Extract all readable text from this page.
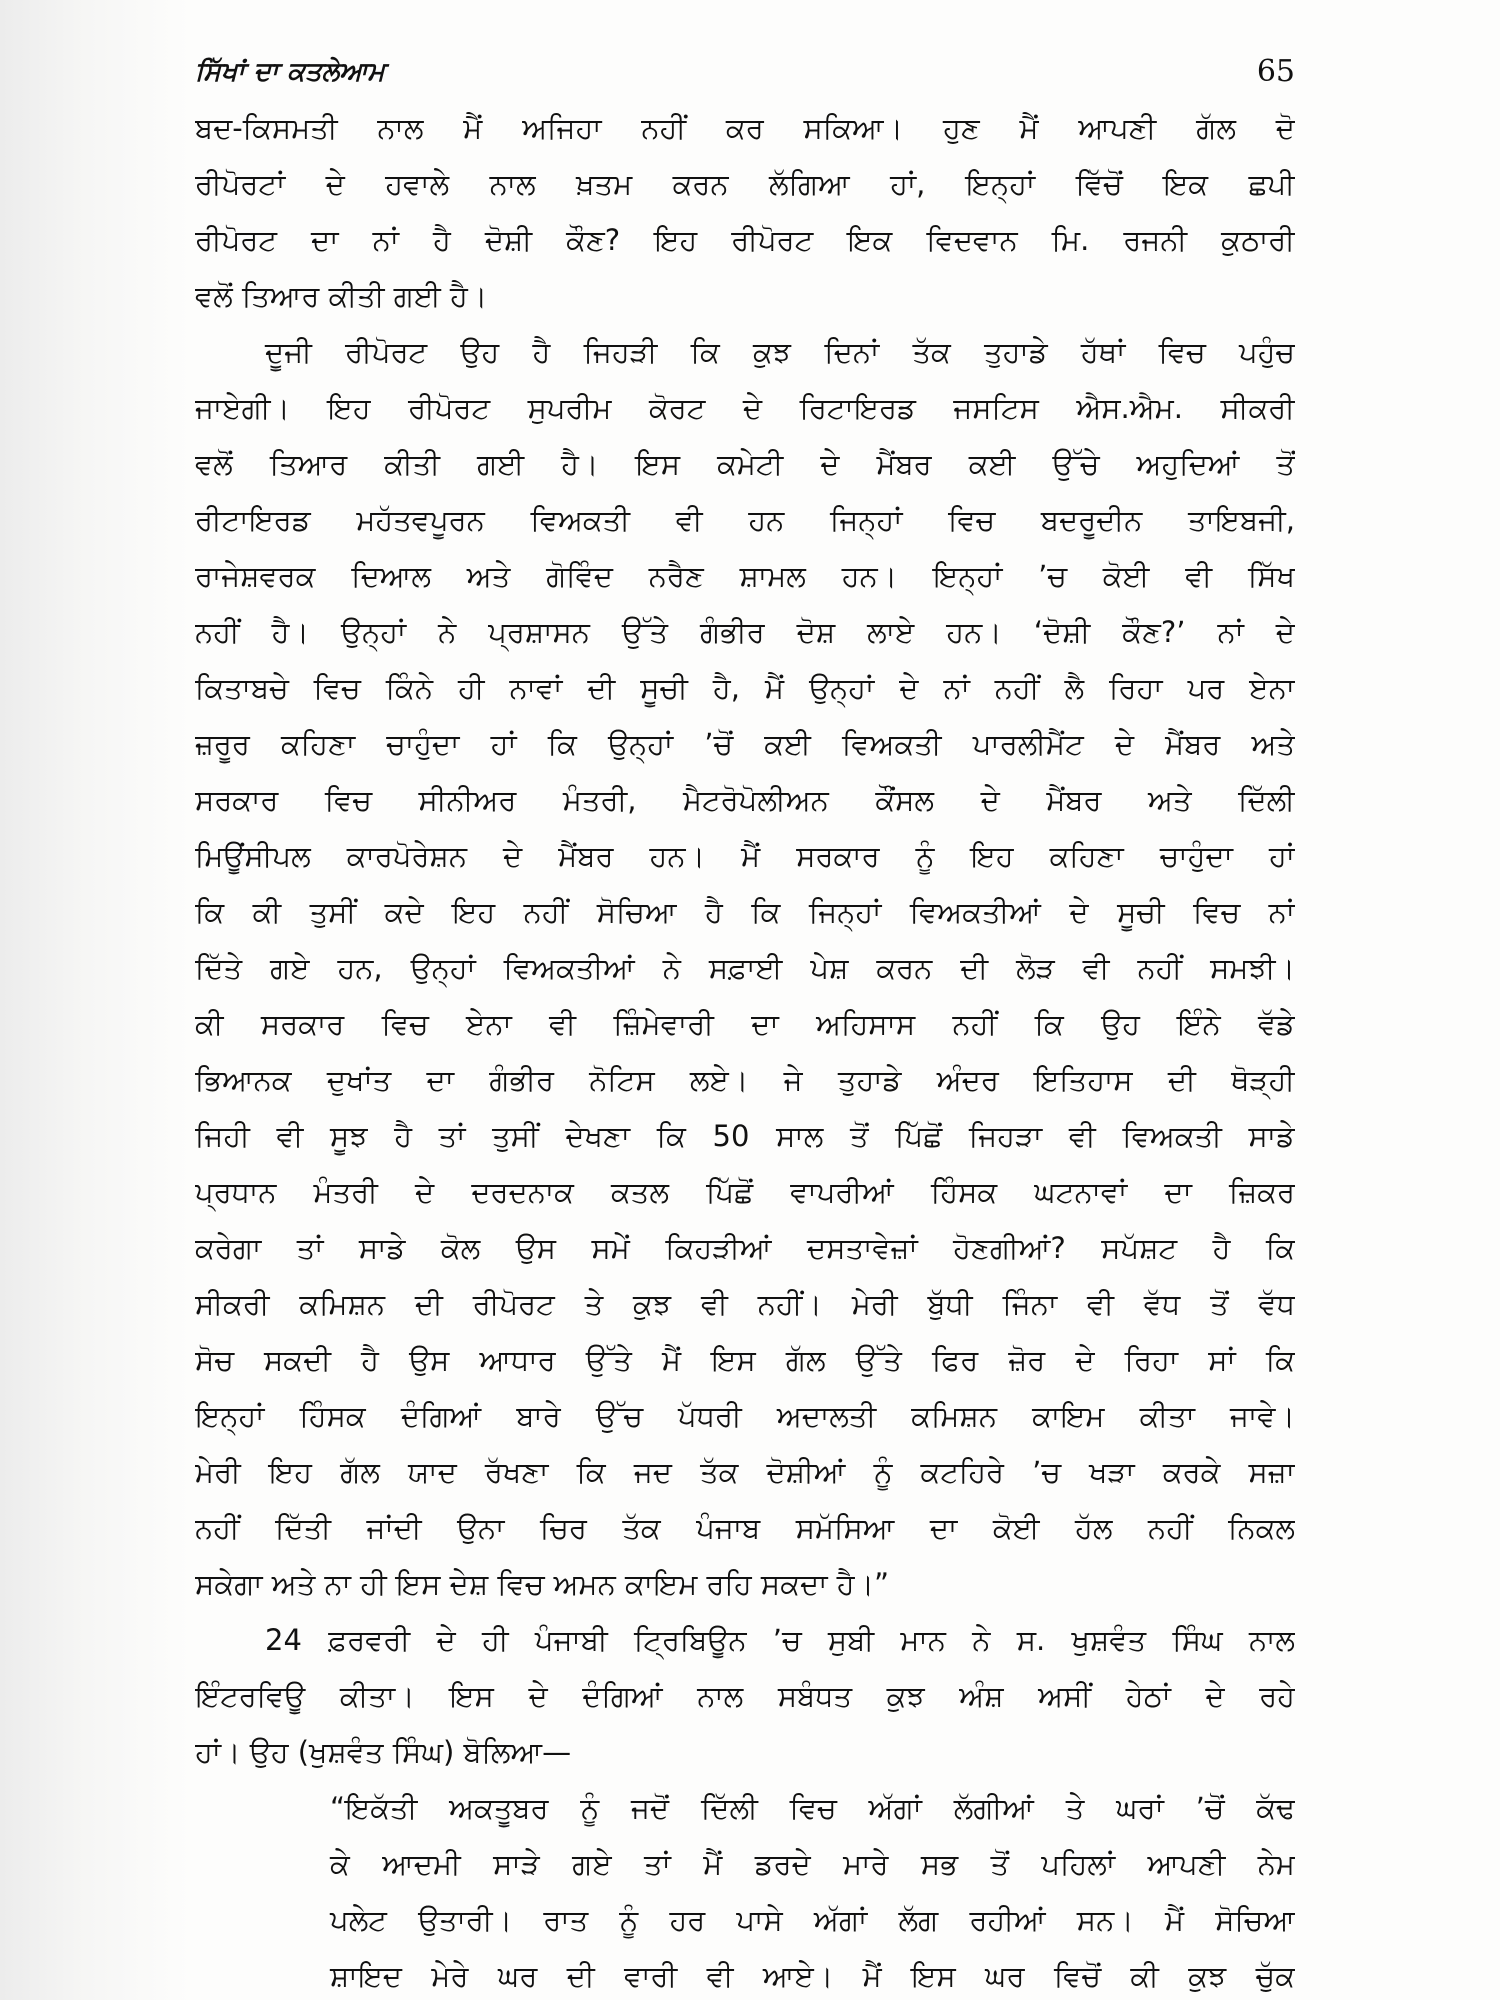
ਸਿੱਖਾਂ ਦਾ ਕਤਲੇਆਮ	65
ਬਦ-ਕਿਸਮਤੀ ਨਾਲ ਮੈਂ ਅਜਿਹਾ ਨਹੀਂ ਕਰ ਸਕਿਆ। ਹੁਣ ਮੈਂ ਆਪਣੀ ਗੱਲ ਦੋ
ਰੀਪੋਰਟਾਂ ਦੇ ਹਵਾਲੇ ਨਾਲ ਖ਼ਤਮ ਕਰਨ ਲੱਗਿਆ ਹਾਂ, ਇਨ੍ਹਾਂ ਵਿੱਚੋਂ ਇਕ ਛਪੀ
ਰੀਪੋਰਟ ਦਾ ਨਾਂ ਹੈ ਦੋਸ਼ੀ ਕੌਣ? ਇਹ ਰੀਪੋਰਟ ਇਕ ਵਿਦਵਾਨ ਮਿ. ਰਜਨੀ ਕੁਠਾਰੀ
ਵਲੋਂ ਤਿਆਰ ਕੀਤੀ ਗਈ ਹੈ।
ਦੂਜੀ ਰੀਪੋਰਟ ਉਹ ਹੈ ਜਿਹੜੀ ਕਿ ਕੁਝ ਦਿਨਾਂ ਤੱਕ ਤੁਹਾਡੇ ਹੱਥਾਂ ਵਿਚ ਪਹੁੰਚ
ਜਾਏਗੀ। ਇਹ ਰੀਪੋਰਟ ਸੁਪਰੀਮ ਕੋਰਟ ਦੇ ਰਿਟਾਇਰਡ ਜਸਟਿਸ ਐਸ.ਐਮ. ਸੀਕਰੀ
ਵਲੋਂ ਤਿਆਰ ਕੀਤੀ ਗਈ ਹੈ। ਇਸ ਕਮੇਟੀ ਦੇ ਮੈਂਬਰ ਕਈ ਉੱਚੇ ਅਹੁਦਿਆਂ ਤੋਂ
ਰੀਟਾਇਰਡ ਮਹੱਤਵਪੂਰਨ ਵਿਅਕਤੀ ਵੀ ਹਨ ਜਿਨ੍ਹਾਂ ਵਿਚ ਬਦਰੂਦੀਨ ਤਾਇਬਜੀ,
ਰਾਜੇਸ਼ਵਰਕ ਦਿਆਲ ਅਤੇ ਗੋਵਿੰਦ ਨਰੈਣ ਸ਼ਾਮਲ ਹਨ। ਇਨ੍ਹਾਂ ’ਚ ਕੋਈ ਵੀ ਸਿੱਖ
ਨਹੀਂ ਹੈ। ਉਨ੍ਹਾਂ ਨੇ ਪ੍ਰਸ਼ਾਸਨ ਉੱਤੇ ਗੰਭੀਰ ਦੋਸ਼ ਲਾਏ ਹਨ। ‘ਦੋਸ਼ੀ ਕੌਣ?’ ਨਾਂ ਦੇ
ਕਿਤਾਬਚੇ ਵਿਚ ਕਿੰਨੇ ਹੀ ਨਾਵਾਂ ਦੀ ਸੂਚੀ ਹੈ, ਮੈਂ ਉਨ੍ਹਾਂ ਦੇ ਨਾਂ ਨਹੀਂ ਲੈ ਰਿਹਾ ਪਰ ਏਨਾ
ਜ਼ਰੂਰ ਕਹਿਣਾ ਚਾਹੁੰਦਾ ਹਾਂ ਕਿ ਉਨ੍ਹਾਂ ’ਚੋਂ ਕਈ ਵਿਅਕਤੀ ਪਾਰਲੀਮੈਂਟ ਦੇ ਮੈਂਬਰ ਅਤੇ
ਸਰਕਾਰ ਵਿਚ ਸੀਨੀਅਰ ਮੰਤਰੀ, ਮੈਟਰੋਪੋਲੀਅਨ ਕੌਂਸਲ ਦੇ ਮੈਂਬਰ ਅਤੇ ਦਿੱਲੀ
ਮਿਊਂਸੀਪਲ ਕਾਰਪੋਰੇਸ਼ਨ ਦੇ ਮੈਂਬਰ ਹਨ। ਮੈਂ ਸਰਕਾਰ ਨੂੰ ਇਹ ਕਹਿਣਾ ਚਾਹੁੰਦਾ ਹਾਂ
ਕਿ ਕੀ ਤੁਸੀਂ ਕਦੇ ਇਹ ਨਹੀਂ ਸੋਚਿਆ ਹੈ ਕਿ ਜਿਨ੍ਹਾਂ ਵਿਅਕਤੀਆਂ ਦੇ ਸੂਚੀ ਵਿਚ ਨਾਂ
ਦਿੱਤੇ ਗਏ ਹਨ, ਉਨ੍ਹਾਂ ਵਿਅਕਤੀਆਂ ਨੇ ਸਫ਼ਾਈ ਪੇਸ਼ ਕਰਨ ਦੀ ਲੋੜ ਵੀ ਨਹੀਂ ਸਮਝੀ।
ਕੀ ਸਰਕਾਰ ਵਿਚ ਏਨਾ ਵੀ ਜ਼ਿੰਮੇਵਾਰੀ ਦਾ ਅਹਿਸਾਸ ਨਹੀਂ ਕਿ ਉਹ ਇੰਨੇ ਵੱਡੇ
ਭਿਆਨਕ ਦੁਖਾਂਤ ਦਾ ਗੰਭੀਰ ਨੋਟਿਸ ਲਏ। ਜੇ ਤੁਹਾਡੇ ਅੰਦਰ ਇਤਿਹਾਸ ਦੀ ਥੋੜ੍ਹੀ
ਜਿਹੀ ਵੀ ਸੂਝ ਹੈ ਤਾਂ ਤੁਸੀਂ ਦੇਖਣਾ ਕਿ 50 ਸਾਲ ਤੋਂ ਪਿੱਛੋਂ ਜਿਹੜਾ ਵੀ ਵਿਅਕਤੀ ਸਾਡੇ
ਪ੍ਰਧਾਨ ਮੰਤਰੀ ਦੇ ਦਰਦਨਾਕ ਕਤਲ ਪਿੱਛੋਂ ਵਾਪਰੀਆਂ ਹਿੰਸਕ ਘਟਨਾਵਾਂ ਦਾ ਜ਼ਿਕਰ
ਕਰੇਗਾ ਤਾਂ ਸਾਡੇ ਕੋਲ ਉਸ ਸਮੇਂ ਕਿਹੜੀਆਂ ਦਸਤਾਵੇਜ਼ਾਂ ਹੋਣਗੀਆਂ? ਸਪੱਸ਼ਟ ਹੈ ਕਿ
ਸੀਕਰੀ ਕਮਿਸ਼ਨ ਦੀ ਰੀਪੋਰਟ ਤੇ ਕੁਝ ਵੀ ਨਹੀਂ। ਮੇਰੀ ਬੁੱਧੀ ਜਿੰਨਾ ਵੀ ਵੱਧ ਤੋਂ ਵੱਧ
ਸੋਚ ਸਕਦੀ ਹੈ ਉਸ ਆਧਾਰ ਉੱਤੇ ਮੈਂ ਇਸ ਗੱਲ ਉੱਤੇ ਫਿਰ ਜ਼ੋਰ ਦੇ ਰਿਹਾ ਸਾਂ ਕਿ
ਇਨ੍ਹਾਂ ਹਿੰਸਕ ਦੰਗਿਆਂ ਬਾਰੇ ਉੱਚ ਪੱਧਰੀ ਅਦਾਲਤੀ ਕਮਿਸ਼ਨ ਕਾਇਮ ਕੀਤਾ ਜਾਵੇ।
ਮੇਰੀ ਇਹ ਗੱਲ ਯਾਦ ਰੱਖਣਾ ਕਿ ਜਦ ਤੱਕ ਦੋਸ਼ੀਆਂ ਨੂੰ ਕਟਹਿਰੇ ’ਚ ਖੜਾ ਕਰਕੇ ਸਜ਼ਾ
ਨਹੀਂ ਦਿੱਤੀ ਜਾਂਦੀ ਉਨਾ ਚਿਰ ਤੱਕ ਪੰਜਾਬ ਸਮੱਸਿਆ ਦਾ ਕੋਈ ਹੱਲ ਨਹੀਂ ਨਿਕਲ
ਸਕੇਗਾ ਅਤੇ ਨਾ ਹੀ ਇਸ ਦੇਸ਼ ਵਿਚ ਅਮਨ ਕਾਇਮ ਰਹਿ ਸਕਦਾ ਹੈ।”
24 ਫ਼ਰਵਰੀ ਦੇ ਹੀ ਪੰਜਾਬੀ ਟ੍ਰਿਬਿਊਨ ’ਚ ਸੁਬੀ ਮਾਨ ਨੇ ਸ. ਖੁਸ਼ਵੰਤ ਸਿੰਘ ਨਾਲ
ਇੰਟਰਵਿਊ ਕੀਤਾ। ਇਸ ਦੇ ਦੰਗਿਆਂ ਨਾਲ ਸਬੰਧਤ ਕੁਝ ਅੰਸ਼ ਅਸੀਂ ਹੇਠਾਂ ਦੇ ਰਹੇ
ਹਾਂ। ਉਹ (ਖੁਸ਼ਵੰਤ ਸਿੰਘ) ਬੋਲਿਆ—
“ਇਕੱਤੀ ਅਕਤੂਬਰ ਨੂੰ ਜਦੋਂ ਦਿੱਲੀ ਵਿਚ ਅੱਗਾਂ ਲੱਗੀਆਂ ਤੇ ਘਰਾਂ ’ਚੋਂ ਕੱਢ
ਕੇ ਆਦਮੀ ਸਾੜੇ ਗਏ ਤਾਂ ਮੈਂ ਡਰਦੇ ਮਾਰੇ ਸਭ ਤੋਂ ਪਹਿਲਾਂ ਆਪਣੀ ਨੇਮ
ਪਲੇਟ ਉਤਾਰੀ। ਰਾਤ ਨੂੰ ਹਰ ਪਾਸੇ ਅੱਗਾਂ ਲੱਗ ਰਹੀਆਂ ਸਨ। ਮੈਂ ਸੋਚਿਆ
ਸ਼ਾਇਦ ਮੇਰੇ ਘਰ ਦੀ ਵਾਰੀ ਵੀ ਆਏ। ਮੈਂ ਇਸ ਘਰ ਵਿਚੋਂ ਕੀ ਕੁਝ ਚੁੱਕ
